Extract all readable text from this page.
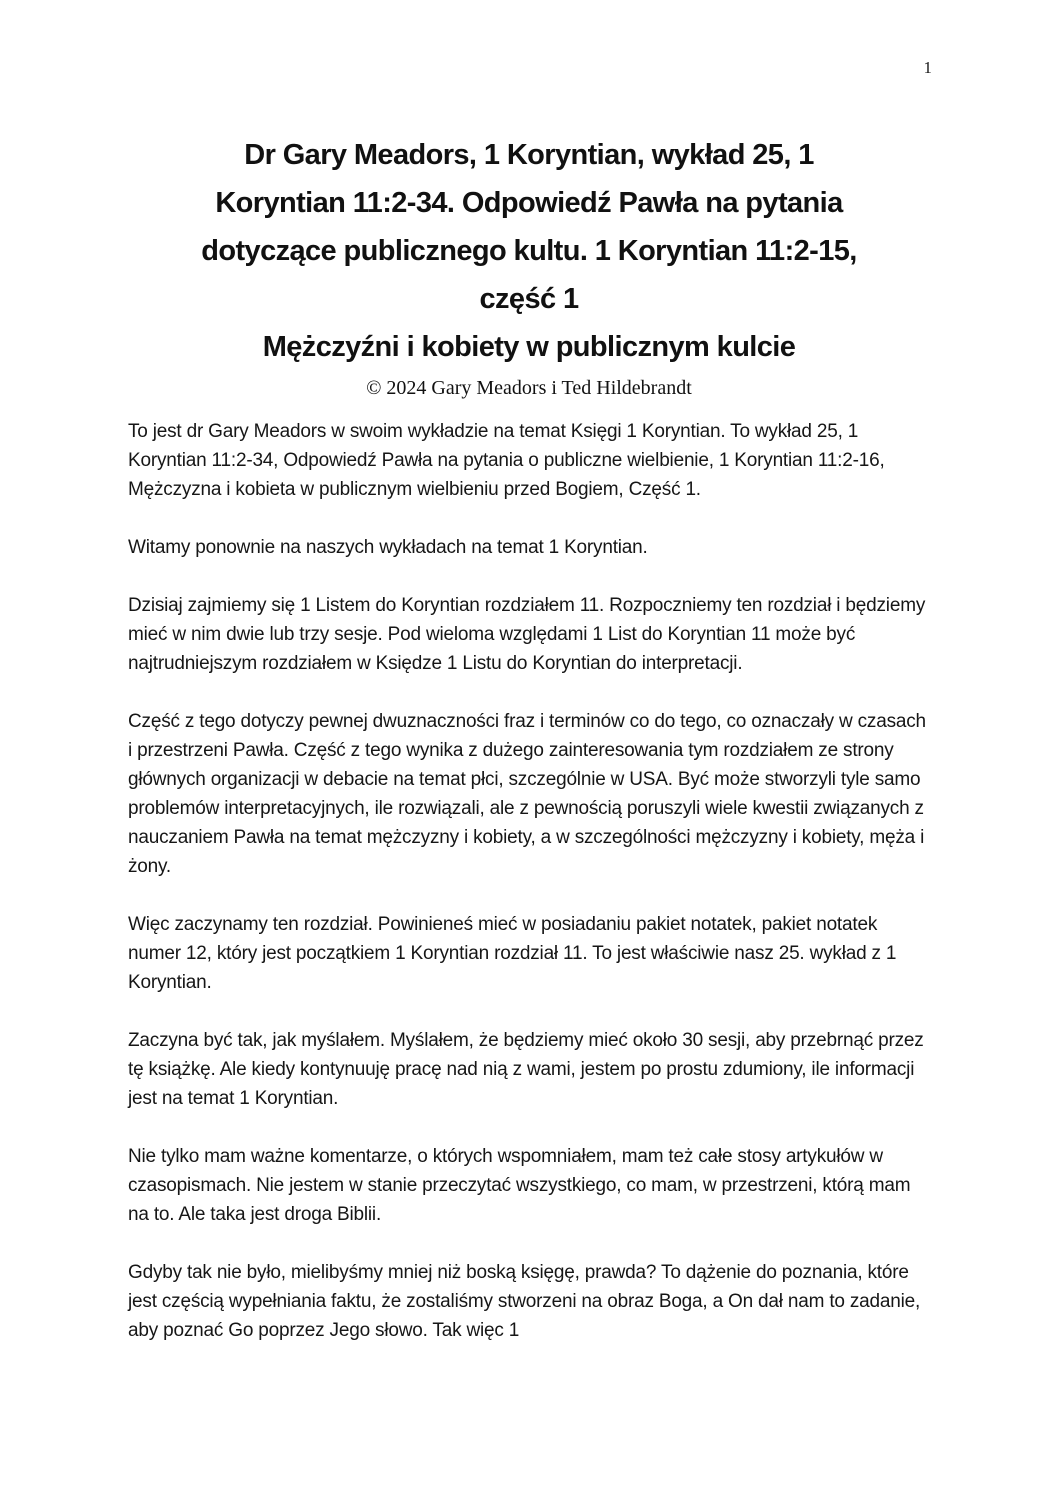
1
Dr Gary Meadors, 1 Koryntian, wykład 25, 1
Koryntian 11:2-34. Odpowiedź Pawła na pytania
dotyczące publicznego kultu. 1 Koryntian 11:2-15,
część 1
Mężczyźni i kobiety w publicznym kulcie

© 2024 Gary Meadors i Ted Hildebrandt

To jest dr Gary Meadors w swoim wykładzie na temat Księgi 1 Koryntian. To wykład 25, 1 Koryntian 11:2-34, Odpowiedź Pawła na pytania o publiczne wielbienie, 1 Koryntian 11:2-16, Mężczyzna i kobieta w publicznym wielbieniu przed Bogiem, Część 1.

Witamy ponownie na naszych wykładach na temat 1 Koryntian.

Dzisiaj zajmiemy się 1 Listem do Koryntian rozdziałem 11. Rozpoczniemy ten rozdział i będziemy mieć w nim dwie lub trzy sesje. Pod wieloma względami 1 List do Koryntian 11 może być najtrudniejszym rozdziałem w Księdze 1 Listu do Koryntian do interpretacji.

Część z tego dotyczy pewnej dwuznaczności fraz i terminów co do tego, co oznaczały w czasach i przestrzeni Pawła. Część z tego wynika z dużego zainteresowania tym rozdziałem ze strony głównych organizacji w debacie na temat płci, szczególnie w USA. Być może stworzyli tyle samo problemów interpretacyjnych, ile rozwiązali, ale z pewnością poruszyli wiele kwestii związanych z nauczaniem Pawła na temat mężczyzny i kobiety, a w szczególności mężczyzny i kobiety, męża i żony.

Więc zaczynamy ten rozdział. Powinieneś mieć w posiadaniu pakiet notatek, pakiet notatek numer 12, który jest początkiem 1 Koryntian rozdział 11. To jest właściwie nasz 25. wykład z 1 Koryntian.

Zaczyna być tak, jak myślałem. Myślałem, że będziemy mieć około 30 sesji, aby przebrnąć przez tę książkę. Ale kiedy kontynuuję pracę nad nią z wami, jestem po prostu zdumiony, ile informacji jest na temat 1 Koryntian.

Nie tylko mam ważne komentarze, o których wspomniałem, mam też całe stosy artykułów w czasopismach. Nie jestem w stanie przeczytać wszystkiego, co mam, w przestrzeni, którą mam na to. Ale taka jest droga Biblii.

Gdyby tak nie było, mielibyśmy mniej niż boską księgę, prawda? To dążenie do poznania, które jest częścią wypełniania faktu, że zostaliśmy stworzeni na obraz Boga, a On dał nam to zadanie, aby poznać Go poprzez Jego słowo. Tak więc 1
